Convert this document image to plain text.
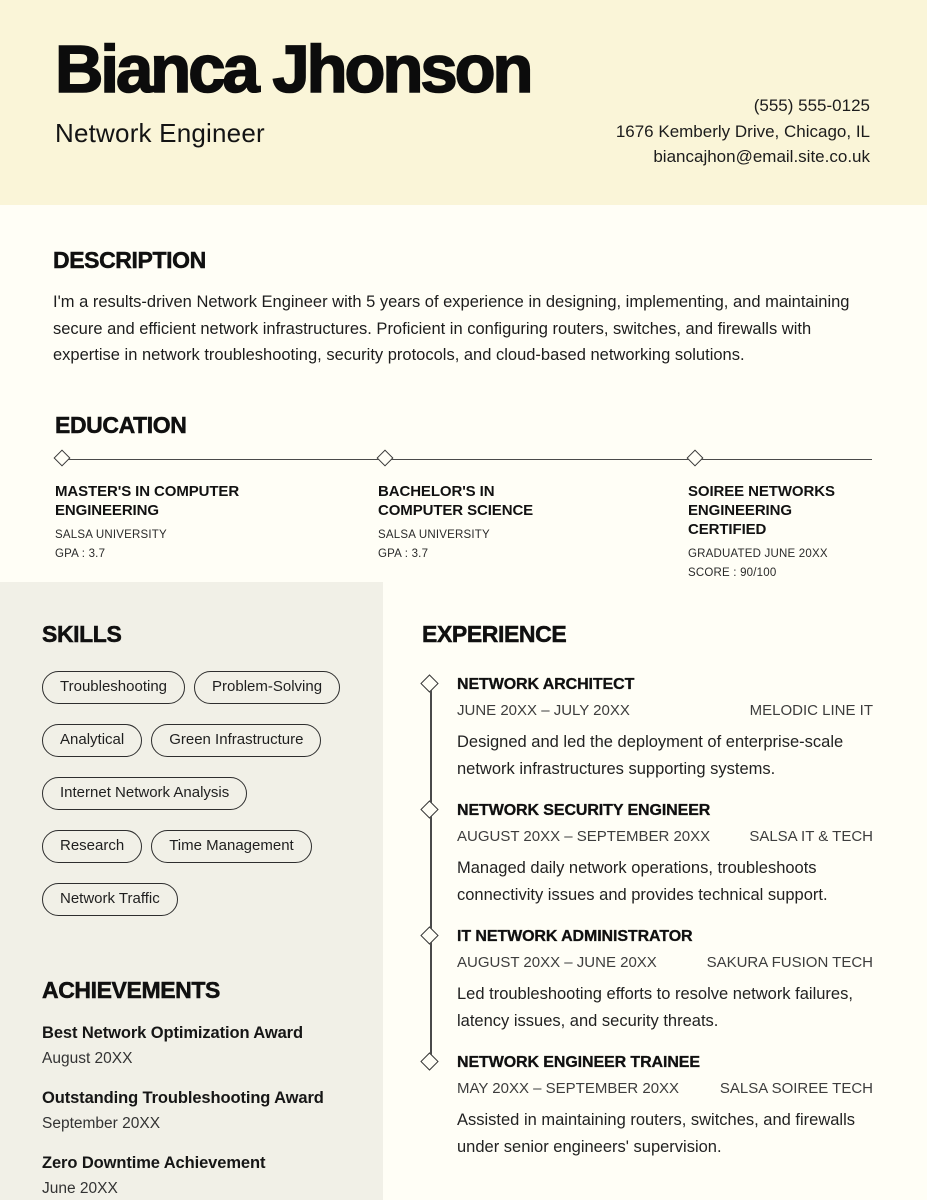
Bianca Jhonson
Network Engineer
(555) 555-0125
1676 Kemberly Drive, Chicago, IL
biancajhon@email.site.co.uk
DESCRIPTION

I'm a results-driven Network Engineer with 5 years of experience in designing, implementing, and maintaining secure and efficient network infrastructures. Proficient in configuring routers, switches, and firewalls with expertise in network troubleshooting, security protocols, and cloud-based networking solutions.

EDUCATION
MASTER'S IN COMPUTER ENGINEERING
SALSA UNIVERSITY
GPA : 3.7
BACHELOR'S IN COMPUTER SCIENCE
SALSA UNIVERSITY
GPA : 3.7
SOIREE NETWORKS ENGINEERING CERTIFIED
GRADUATED JUNE 20XX
SCORE : 90/100
SKILLS
Troubleshooting	Problem-Solving
Analytical	Green Infrastructure
Internet Network Analysis
Research	Time Management
Network Traffic
ACHIEVEMENTS
Best Network Optimization Award
August 20XX
Outstanding Troubleshooting Award
September 20XX
Zero Downtime Achievement
June 20XX
EXPERIENCE
NETWORK ARCHITECT
JUNE 20XX – JULY 20XX	MELODIC LINE IT

Designed and led the deployment of enterprise-scale network infrastructures supporting systems.

NETWORK SECURITY ENGINEER
AUGUST 20XX – SEPTEMBER 20XX	SALSA IT & TECH

Managed daily network operations, troubleshoots connectivity issues and provides technical support.

IT NETWORK ADMINISTRATOR
AUGUST 20XX – JUNE 20XX	SAKURA FUSION TECH

Led troubleshooting efforts to resolve network failures, latency issues, and security threats.

NETWORK ENGINEER TRAINEE
MAY 20XX – SEPTEMBER 20XX	SALSA SOIREE TECH

Assisted in maintaining routers, switches, and firewalls under senior engineers' supervision.
